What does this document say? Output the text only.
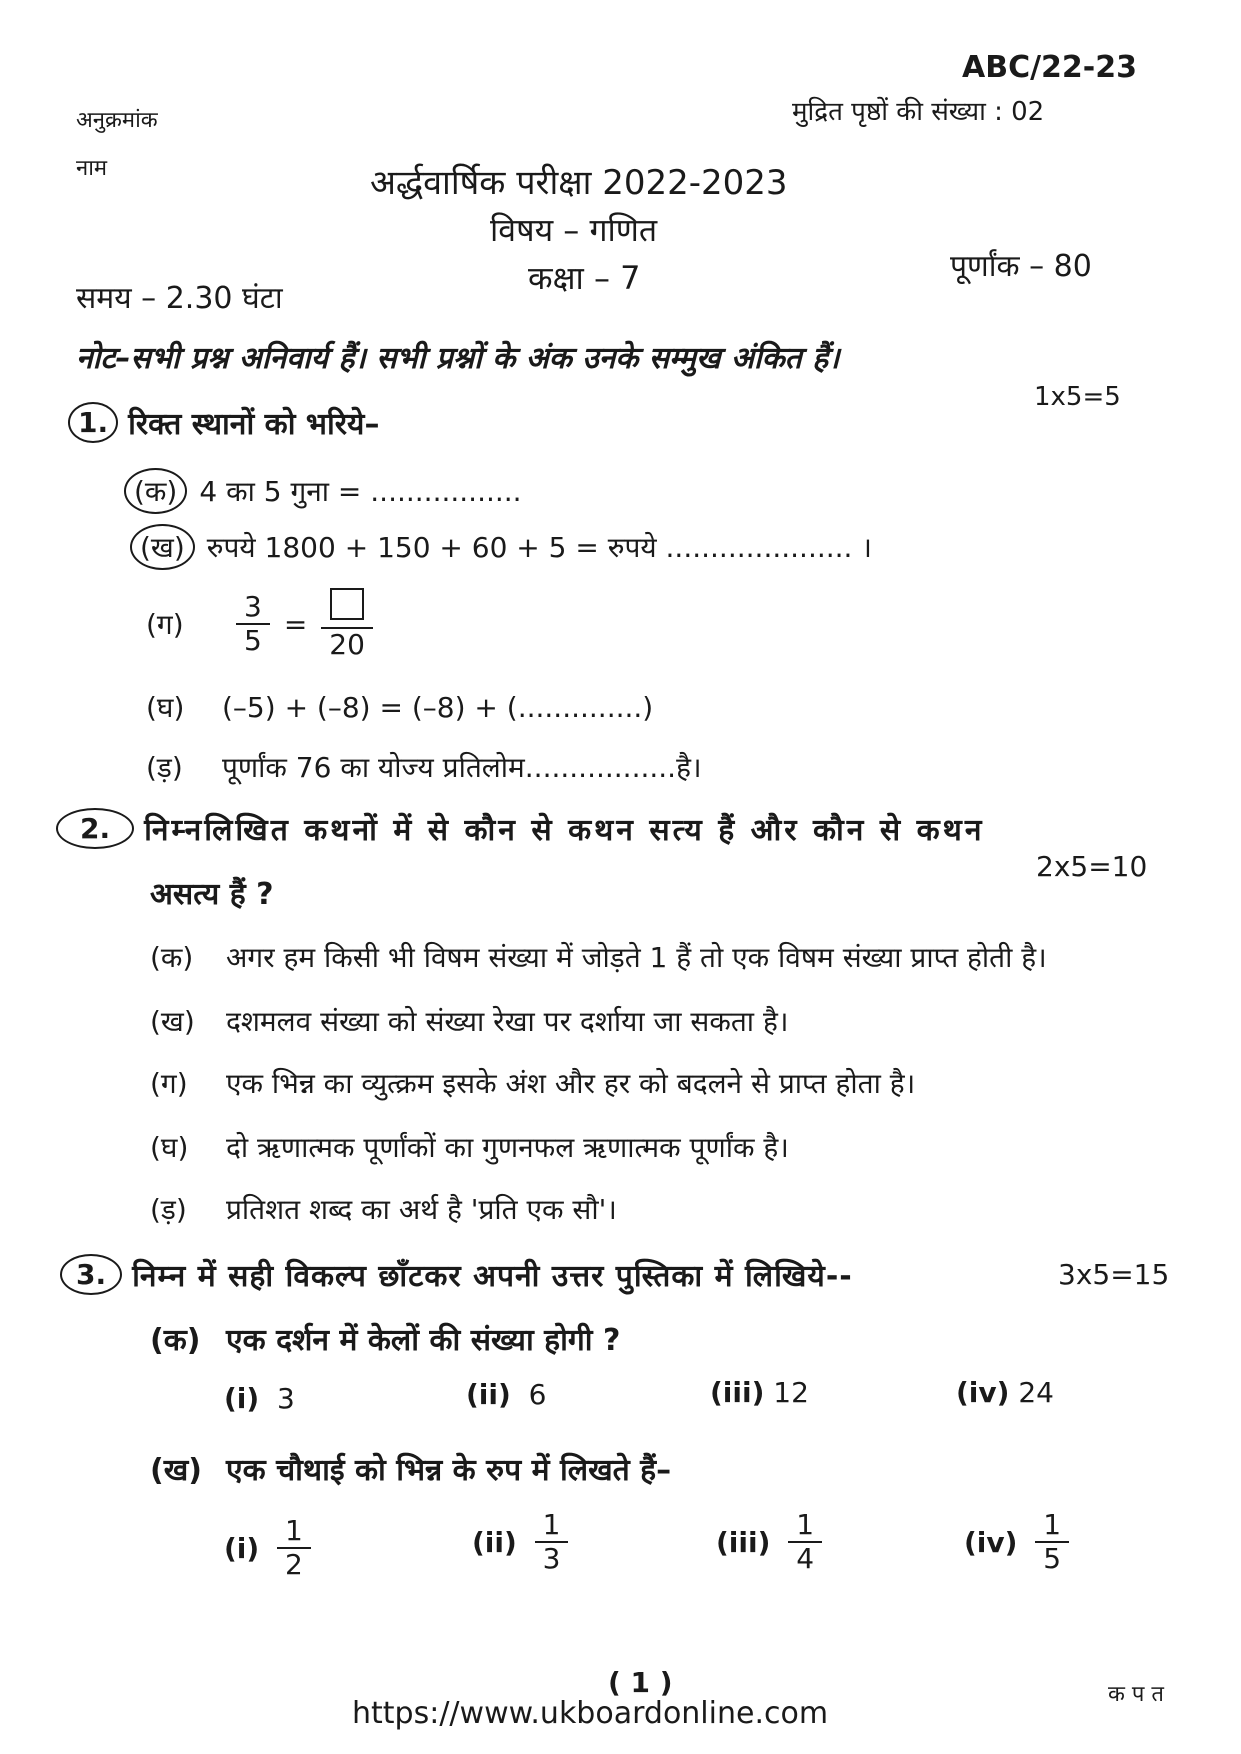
ABC/22-23
अनुक्रमांक	मुद्रित पृष्ठों की संख्या : 02
नाम	अर्द्धवार्षिक परीक्षा 2022-2023
विषय – गणित
पूर्णांक – 80
कक्षा – 7
समय – 2.30 घंटा
नोट–सभी प्रश्न अनिवार्य हैं। सभी प्रश्नों के अंक उनके सम्मुख अंकित हैं।
1x5=5
1. रिक्त स्थानों को भरिये–
(क) 4 का 5 गुना = .................
(ख) रुपये 1800 + 150 + 60 + 5 = रुपये ..................... ।
(ग)	$\frac{3}{5}$ =
20
(घ)	(–5) + (–8) = (–8) + (..............)
(ड़)	पूर्णांक 76 का योज्य प्रतिलोम.................है।
2.	निम्नलिखित कथनों में से कौन से कथन सत्य हैं और कौन से कथन
2x5=10
असत्य हैं ?
(क)	अगर हम किसी भी विषम संख्या में जोड़ते 1 हैं तो एक विषम संख्या प्राप्त होती है।
(ख)	दशमलव संख्या को संख्या रेखा पर दर्शाया जा सकता है।
(ग)	एक भिन्न का व्युत्क्रम इसके अंश और हर को बदलने से प्राप्त होता है।
(घ)	दो ऋणात्मक पूर्णांकों का गुणनफल ऋणात्मक पूर्णांक है।
(ड़)	प्रतिशत शब्द का अर्थ है 'प्रति एक सौ'।
3. निम्न में सही विकल्प छाँटकर अपनी उत्तर पुस्तिका में लिखिये--	3x5=15
(क) एक दर्शन में केलों की संख्या होगी ?
(i) 3	(ii) 6	(iii) 12	(iv) 24
(ख) एक चौथाई को भिन्न के रुप में लिखते हैं–
(i)
$\frac{1}{2}$	(ii)
$\frac{1}{3}$	(iii)
$\frac{1}{4}$	(iv)
$\frac{1}{5}$
( 1 )
https://www.ukboardonline.com
क प त
